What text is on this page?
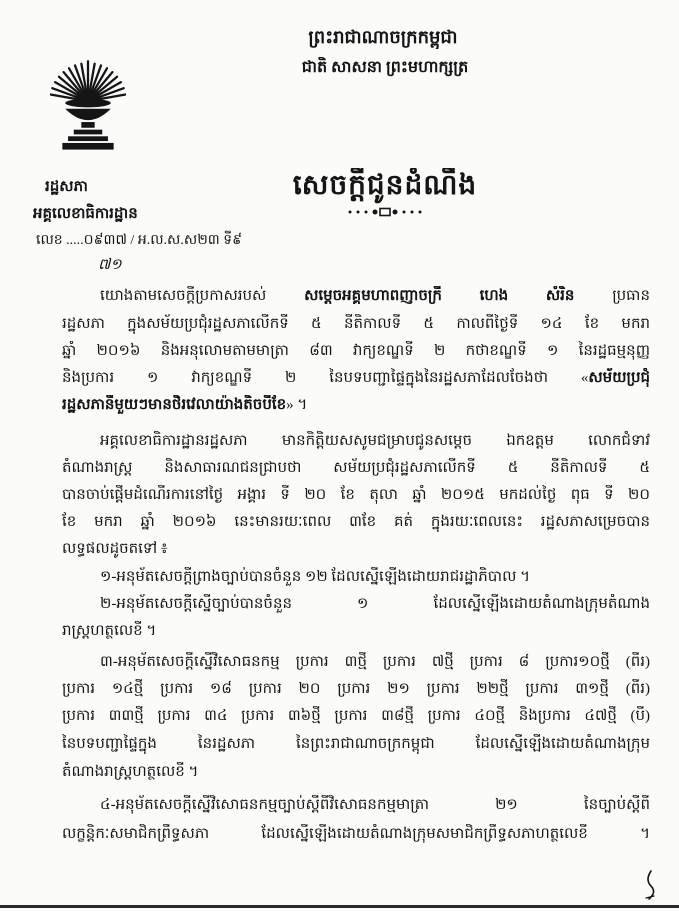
ព្រះរាជាណាចក្រកម្ពុជា
ជាតិ សាសនា ព្រះមហាក្សត្រ
សេចក្ដីជូនដំណឹង
រដ្ឋសភា
អគ្គលេខាធិការដ្ឋាន
លេខ .....០៩៣៧ / អ.ល.ស.ស២៣ ទី៩
៧១
យោងតាមសេចក្ដីប្រកាសរបស់ សម្ដេចអគ្គមហាពញាចក្រី ហេង សំរិន ប្រធាន
រដ្ឋសភា ក្នុងសម័យប្រជុំរដ្ឋសភាលើកទី ៥ នីតិកាលទី ៥ កាលពីថ្ងៃទី ១៤ ខែ មករា
ឆ្នាំ ២០១៦ និងអនុលោមតាមមាត្រា ៨៣ វាក្យខណ្ឌទី ២ កថាខណ្ឌទី ១ នៃរដ្ឋធម្មនុញ្ញ
និងប្រការ ១ វាក្យខណ្ឌទី ២ នៃបទបញ្ជាផ្ទៃក្នុងនៃរដ្ឋសភាដែលចែងថា «សម័យប្រជុំ
រដ្ឋសភានីមួយៗមានថិរវេលាយ៉ាងតិចបីខែ» ។
អគ្គលេខាធិការដ្ឋានរដ្ឋសភា មានកិត្តិយសសូមជម្រាបជូនសម្ដេច ឯកឧត្ដម លោកជំទាវ
តំណាងរាស្ត្រ និងសាធារណជនជ្រាបថា សម័យប្រជុំរដ្ឋសភាលើកទី ៥ នីតិកាលទី ៥
បានចាប់ផ្ដើមដំណើរការនៅថ្ងៃ អង្គារ ទី ២០ ខែ តុលា ឆ្នាំ ២០១៥ មកដល់ថ្ងៃ ពុធ ទី ២០
ខែ មករា ឆ្នាំ ២០១៦ នេះមានរយៈពេល ៣ខែ គត់ ក្នុងរយៈពេលនេះ រដ្ឋសភាសម្រេចបាន
លទ្ធផលដូចតទៅ ៖
១-អនុម័តសេចក្ដីព្រាងច្បាប់បានចំនួន ១២ ដែលស្នើឡើងដោយរាជរដ្ឋាភិបាល ។
២-អនុម័តសេចក្ដីស្នើច្បាប់បានចំនួន ១ ដែលស្នើឡើងដោយតំណាងក្រុមតំណាង
រាស្ត្រហត្ថលេខី ។
៣-អនុម័តសេចក្ដីស្នើវិសោធនកម្ម ប្រការ ៣ថ្មី ប្រការ ៧ថ្មី ប្រការ ៨ ប្រការ១០ថ្មី (ពីរ)
ប្រការ ១៤ថ្មី ប្រការ ១៨ ប្រការ ២០ ប្រការ ២១ ប្រការ ២២ថ្មី ប្រការ ៣១ថ្មី (ពីរ)
ប្រការ ៣៣ថ្មី ប្រការ ៣៤ ប្រការ ៣៦ថ្មី ប្រការ ៣៨ថ្មី ប្រការ ៤០ថ្មី និងប្រការ ៤៧ថ្មី (បី)
នៃបទបញ្ជាផ្ទៃក្នុង នៃរដ្ឋសភា នៃព្រះរាជាណាចក្រកម្ពុជា ដែលស្នើឡើងដោយតំណាងក្រុម
តំណាងរាស្ត្រហត្ថលេខី ។
៤-អនុម័តសេចក្ដីស្នើវិសោធនកម្មច្បាប់ស្ដីពីវិសោធនកម្មមាត្រា ២១ នៃច្បាប់ស្ដីពី
លក្ខន្តិកៈសមាជិកព្រឹទ្ធសភា ដែលស្នើឡើងដោយតំណាងក្រុមសមាជិកព្រឹទ្ធសភាហត្ថលេខី ។
